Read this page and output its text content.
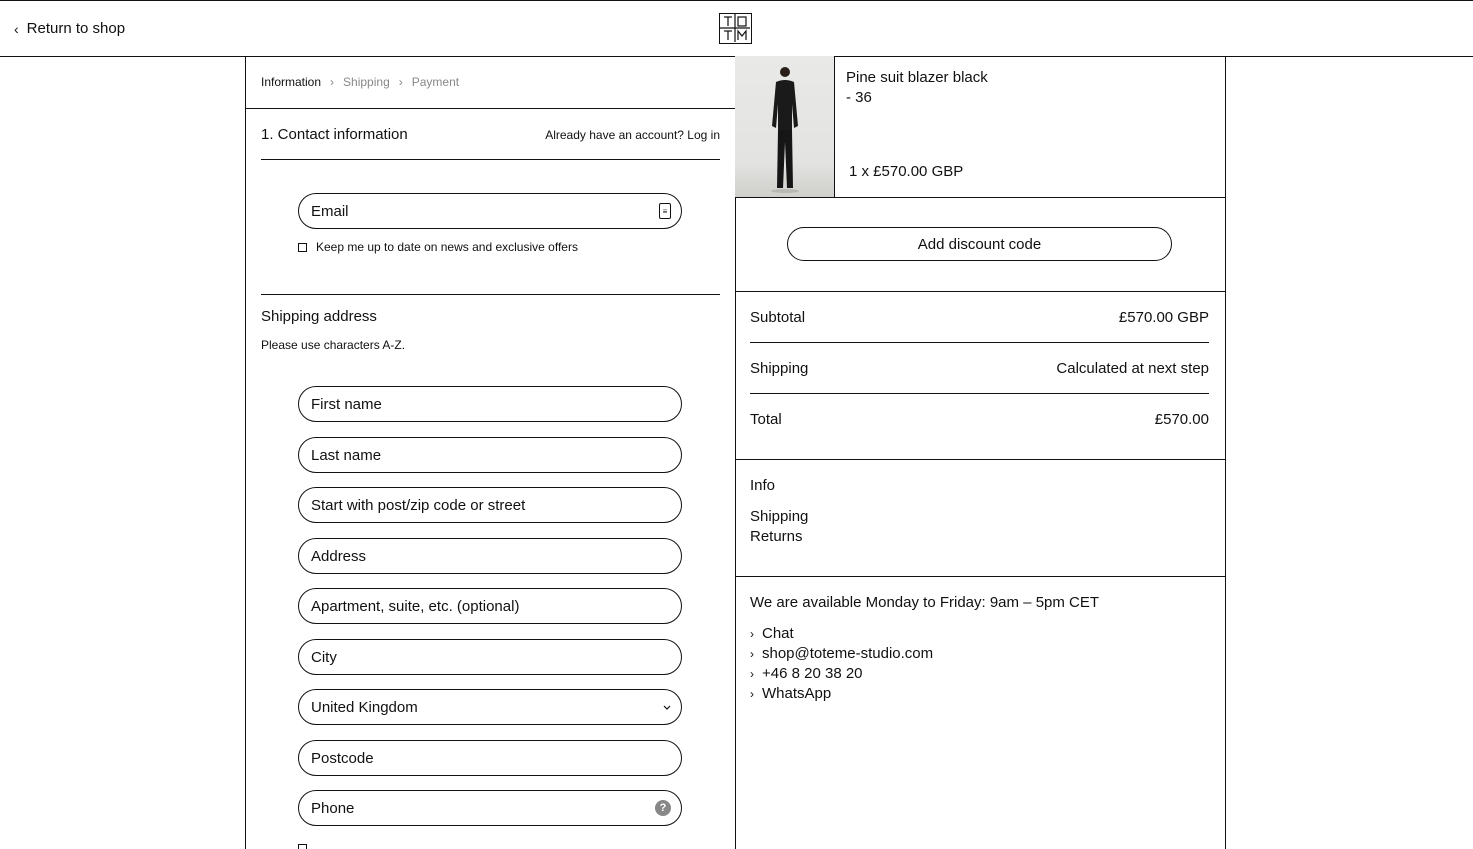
‹ Return to shop
Information › Shipping › Payment
1. Contact information	Already have an account? Log in
Email	≡
Keep me up to date on news and exclusive offers
Shipping address
Please use characters A-Z.
First name
Last name
Start with post/zip code or street
Address
Apartment, suite, etc. (optional)
City
United Kingdom
Postcode
Phone	?
Pine suit blazer black
- 36
1 x £570.00 GBP
Add discount code
Subtotal	£570.00 GBP
Shipping	Calculated at next step
Total	£570.00
Info
Shipping
Returns
We are available Monday to Friday: 9am – 5pm CET
› Chat
› shop@toteme-studio.com
› +46 8 20 38 20
› WhatsApp
